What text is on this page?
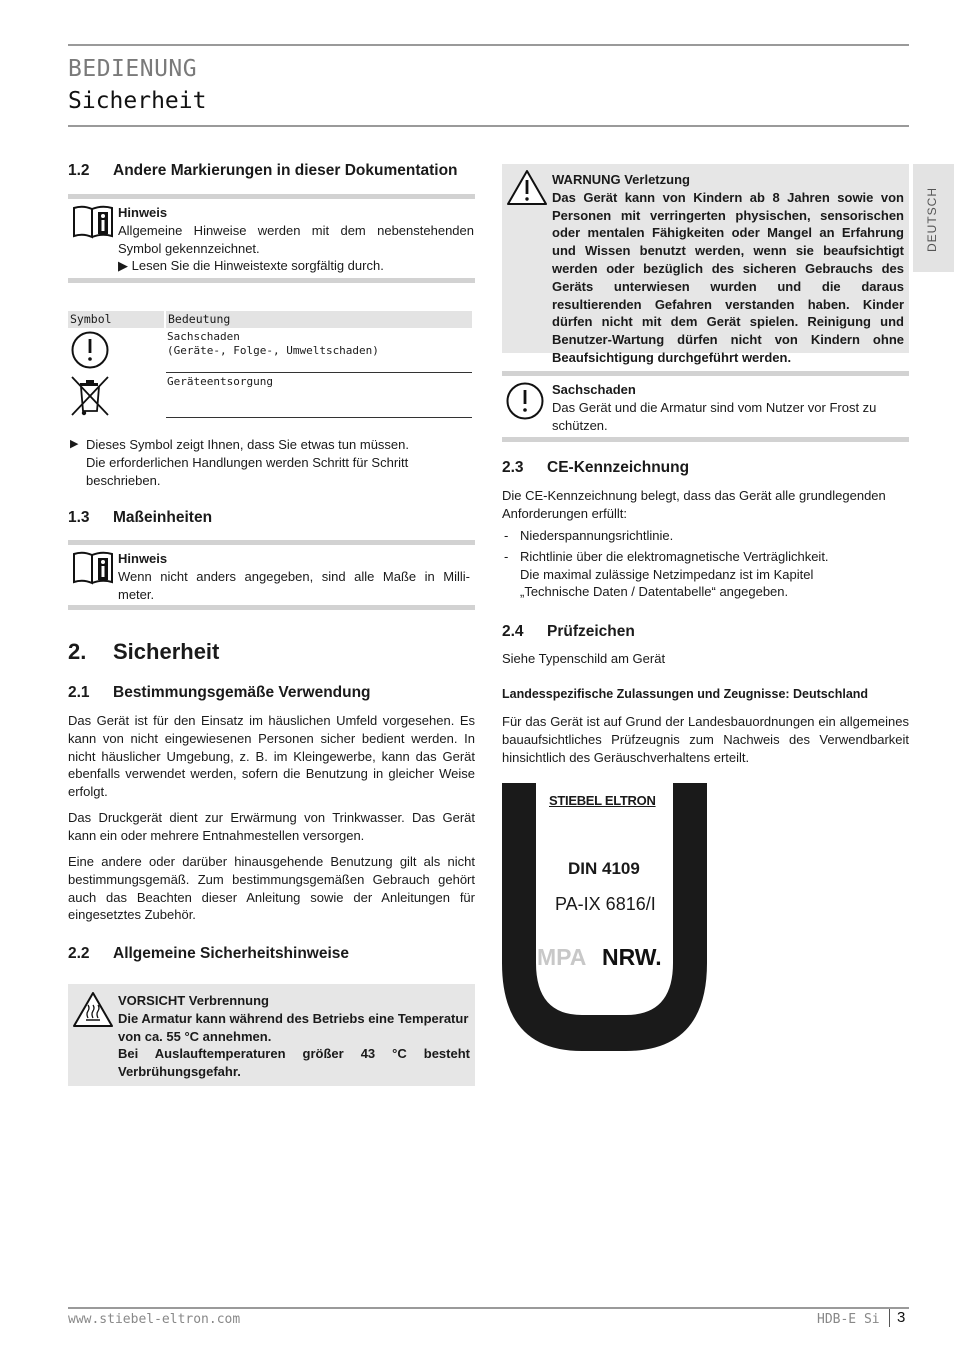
BEDIENUNG
Sicherheit
DEUTSCH
1.2 Andere Markierungen in dieser Dokumentation
Hinweis

Allgemeine Hinweise werden mit dem nebenstehenden
Symbol gekennzeichnet.
▶ Lesen Sie die Hinweistexte sorgfältig durch.
Symbol	Bedeutung
Sachschaden
(Geräte-, Folge-, Umweltschaden)
Geräteentsorgung
▶ Dieses Symbol zeigt Ihnen, dass Sie etwas tun müssen.
Die erforderlichen Handlungen werden Schritt für Schritt
beschrieben.
1.3 Maßeinheiten
Hinweis

Wenn nicht anders angegeben, sind alle Maße in Milli-
meter.
2. Sicherheit
2.1 Bestimmungsgemäße Verwendung
Das Gerät ist für den Einsatz im häuslichen Umfeld vorgesehen. Es kann von nicht eingewiesenen Personen sicher bedient werden. In nicht häuslicher Umgebung, z. B. im Kleingewerbe, kann das Gerät ebenfalls verwendet werden, sofern die Benutzung in gleicher Weise erfolgt.
Das Druckgerät dient zur Erwärmung von Trinkwasser. Das Gerät kann ein oder mehrere Entnahmestellen versorgen.
Eine andere oder darüber hinausgehende Benutzung gilt als nicht bestimmungsgemäß. Zum bestimmungsgemäßen Gebrauch gehört auch das Beachten dieser Anleitung sowie der Anleitungen für eingesetztes Zubehör.
2.2 Allgemeine Sicherheitshinweise
VORSICHT Verbrennung

Die Armatur kann während des Betriebs eine Temperatur von ca. 55 °C annehmen.
Bei Auslauftemperaturen größer 43 °C besteht Verbrühungsgefahr.
WARNUNG Verletzung

Das Gerät kann von Kindern ab 8 Jahren sowie von Personen mit verringerten physischen, sensorischen oder mentalen Fähigkeiten oder Mangel an Erfahrung und Wissen benutzt werden, wenn sie beaufsichtigt werden oder bezüglich des sicheren Gebrauchs des Geräts unterwiesen wurden und die daraus resultierenden Gefahren verstanden haben. Kinder dürfen nicht mit dem Gerät spielen. Reinigung und Benutzer-Wartung dürfen nicht von Kindern ohne Beaufsichtigung durchgeführt werden.
Sachschaden
Das Gerät und die Armatur sind vom Nutzer vor Frost zu schützen.
2.3 CE-Kennzeichnung
Die CE-Kennzeichnung belegt, dass das Gerät alle grundlegenden Anforderungen erfüllt:
- Niederspannungsrichtlinie.
- Richtlinie über die elektromagnetische Verträglichkeit.
Die maximal zulässige Netzimpedanz ist im Kapitel
„Technische Daten / Datentabelle“ angegeben.
2.4 Prüfzeichen
Siehe Typenschild am Gerät
Landesspezifische Zulassungen und Zeugnisse: Deutschland
Für das Gerät ist auf Grund der Landesbauordnungen ein allgemeines bauaufsichtliches Prüfzeugnis zum Nachweis des Verwendbarkeit hinsichtlich des Geräuschverhaltens erteilt.
STIEBEL ELTRON
DIN 4109
PA-IX 6816/I
MPA NRW.
www.stiebel-eltron.com	HDB-E Si 3
